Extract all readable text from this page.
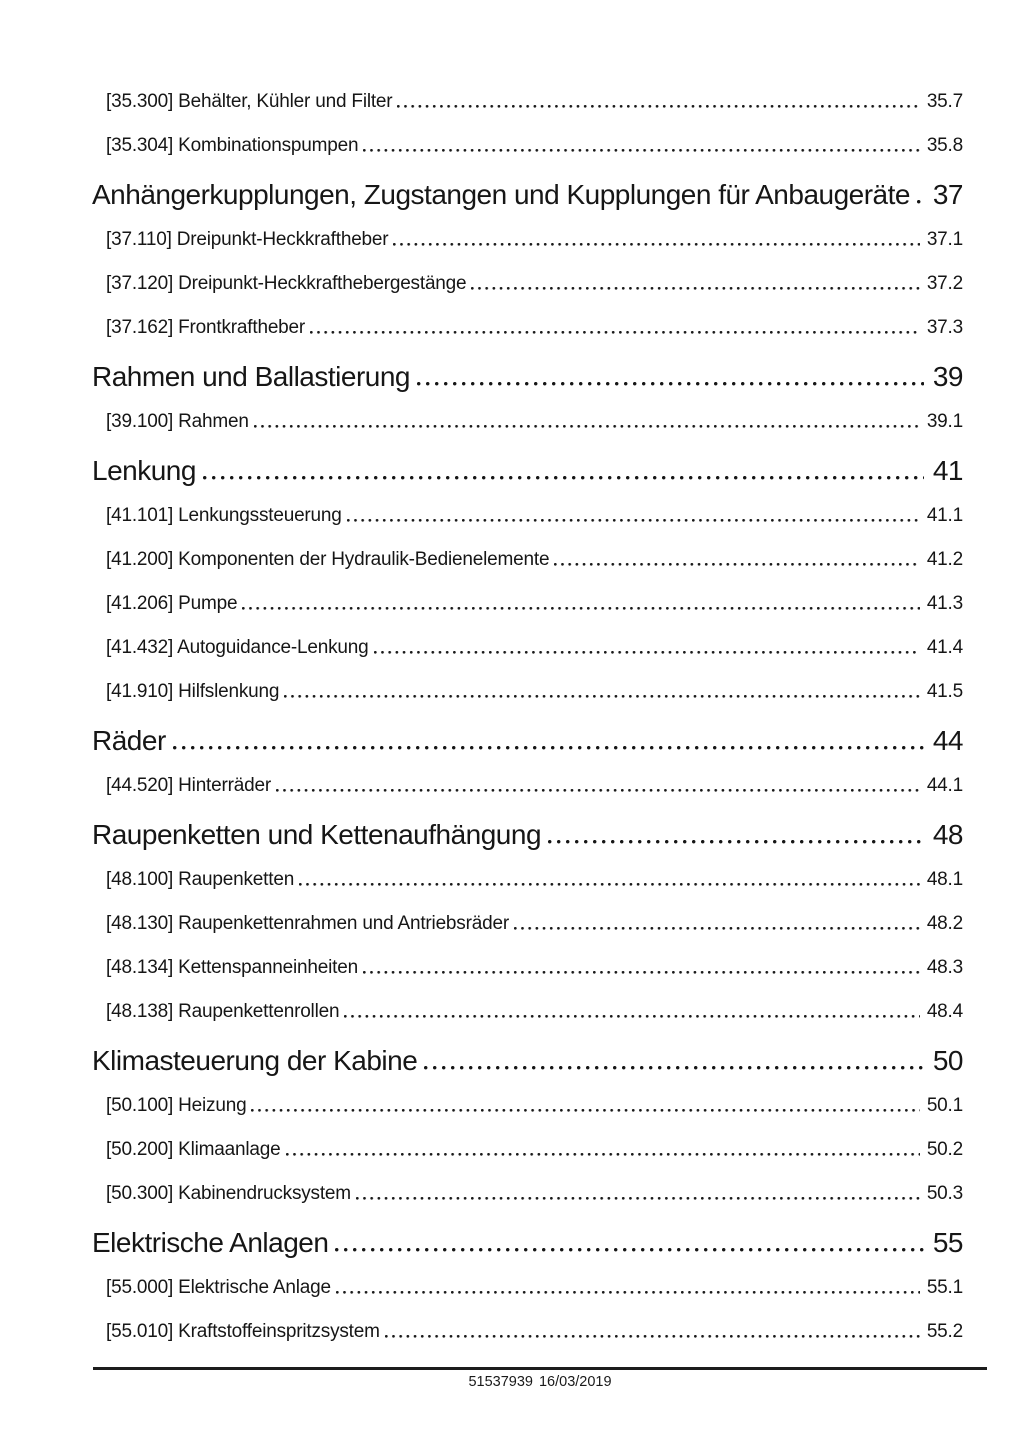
[35.300] Behälter, Kühler und Filter	35.7
[35.304] Kombinationspumpen	35.8
Anhängerkupplungen, Zugstangen und Kupplungen für Anbaugeräte 37
[37.110] Dreipunkt-Heckkraftheber	37.1
[37.120] Dreipunkt-Heckkrafthebergestänge	37.2
[37.162] Frontkraftheber	37.3
Rahmen und Ballastierung	39
[39.100] Rahmen	39.1
Lenkung	41
[41.101] Lenkungssteuerung	41.1
[41.200] Komponenten der Hydraulik-Bedienelemente	41.2
[41.206] Pumpe	41.3
[41.432] Autoguidance-Lenkung	41.4
[41.910] Hilfslenkung	41.5
Räder	44
[44.520] Hinterräder	44.1
Raupenketten und Kettenaufhängung	48
[48.100] Raupenketten	48.1
[48.130] Raupenkettenrahmen und Antriebsräder	48.2
[48.134] Kettenspanneinheiten	48.3
[48.138] Raupenkettenrollen	48.4
Klimasteuerung der Kabine	50
[50.100] Heizung	50.1
[50.200] Klimaanlage	50.2
[50.300] Kabinendrucksystem	50.3
Elektrische Anlagen	55
[55.000] Elektrische Anlage	55.1
[55.010] Kraftstoffeinspritzsystem	55.2
51537939 16/03/2019
